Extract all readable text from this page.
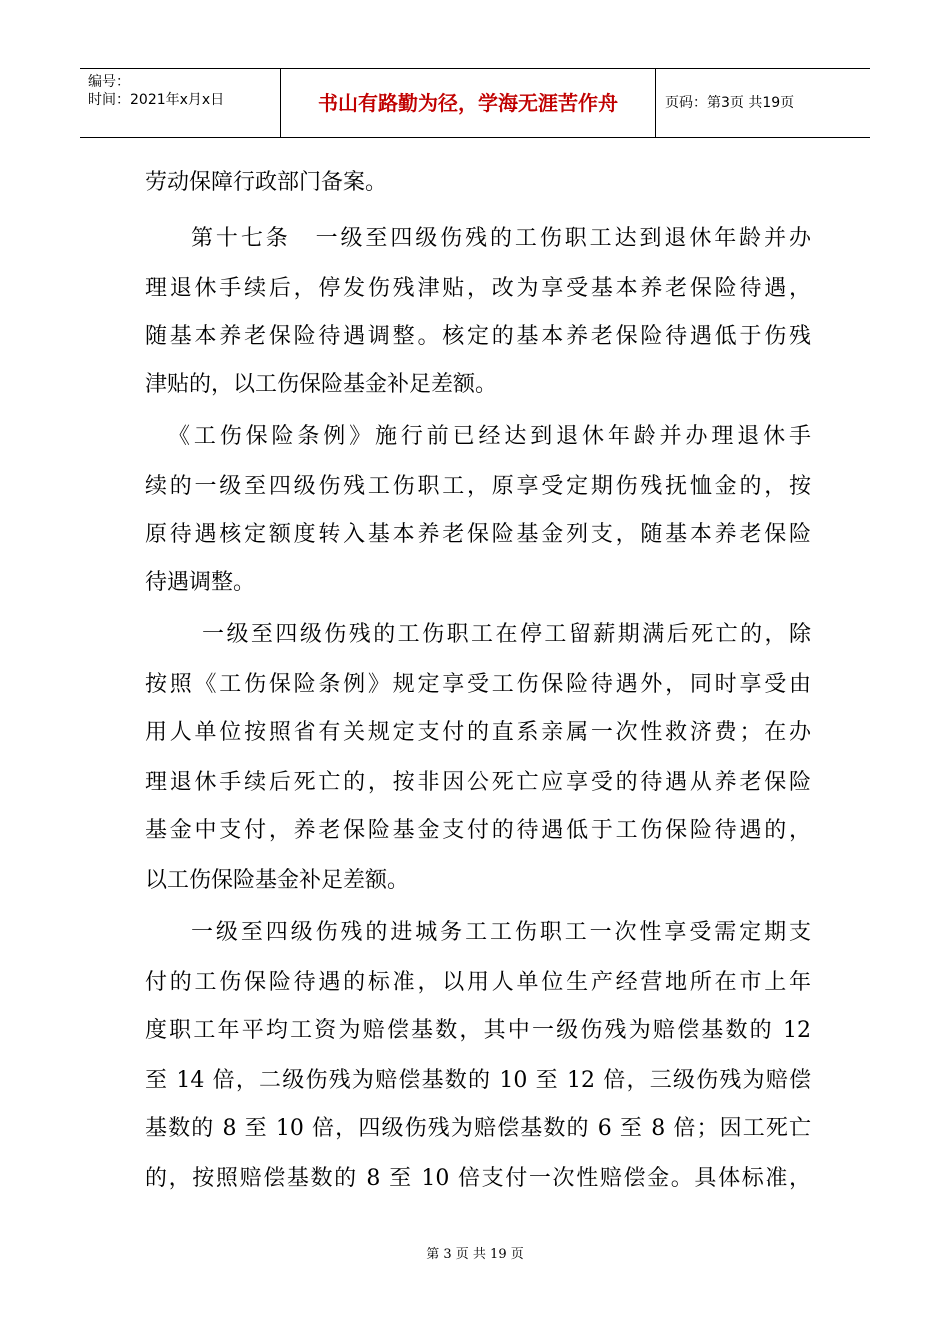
编号：
时间：2021年x月x日	书山有路勤为径，学海无涯苦作舟	页码：第3页 共19页
劳动保障行政部门备案。
第十七条　一级至四级伤残的工伤职工达到退休年龄并办
理退休手续后，停发伤残津贴，改为享受基本养老保险待遇，
随基本养老保险待遇调整。核定的基本养老保险待遇低于伤残
津贴的，以工伤保险基金补足差额。
《工伤保险条例》施行前已经达到退休年龄并办理退休手
续的一级至四级伤残工伤职工，原享受定期伤残抚恤金的，按
原待遇核定额度转入基本养老保险基金列支，随基本养老保险
待遇调整。
一级至四级伤残的工伤职工在停工留薪期满后死亡的，除
按照《工伤保险条例》规定享受工伤保险待遇外，同时享受由
用人单位按照省有关规定支付的直系亲属一次性救济费；在办
理退休手续后死亡的，按非因公死亡应享受的待遇从养老保险
基金中支付，养老保险基金支付的待遇低于工伤保险待遇的，
以工伤保险基金补足差额。
一级至四级伤残的进城务工工伤职工一次性享受需定期支
付的工伤保险待遇的标准，以用人单位生产经营地所在市上年
度职工年平均工资为赔偿基数，其中一级伤残为赔偿基数的 12
至 14 倍，二级伤残为赔偿基数的 10 至 12 倍，三级伤残为赔偿
基数的 8 至 10 倍，四级伤残为赔偿基数的 6 至 8 倍；因工死亡
的，按照赔偿基数的 8 至 10 倍支付一次性赔偿金。具体标准，
第 3 页 共 19 页
